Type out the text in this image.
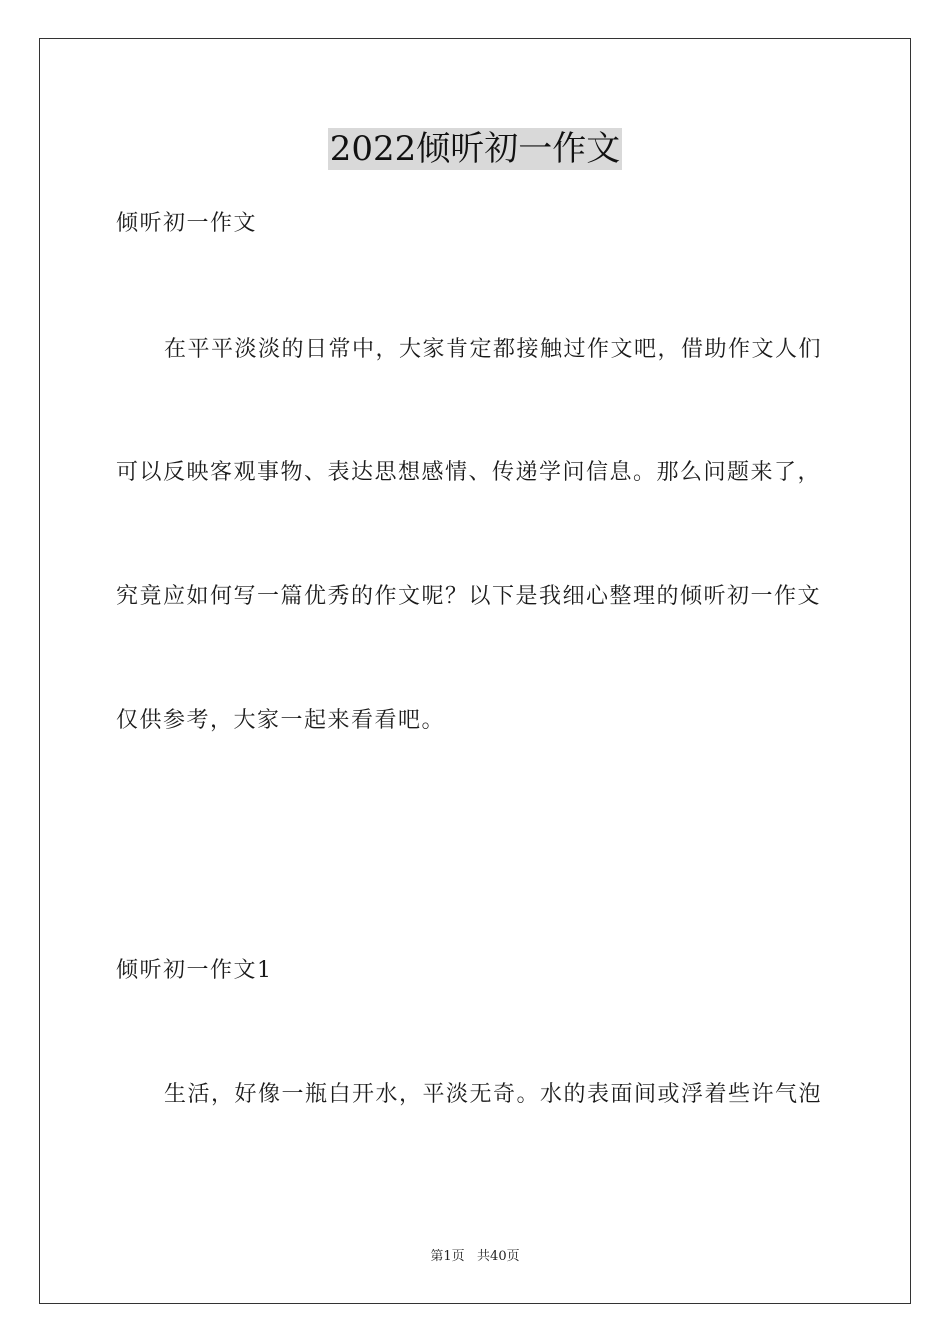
2022倾听初一作文
倾听初一作文
在平平淡淡的日常中，大家肯定都接触过作文吧，借助作文人们
可以反映客观事物、表达思想感情、传递学问信息。那么问题来了，
究竟应如何写一篇优秀的作文呢？以下是我细心整理的倾听初一作文
仅供参考，大家一起来看看吧。
倾听初一作文1
生活，好像一瓶白开水，平淡无奇。水的表面间或浮着些许气泡
第1页   共40页
